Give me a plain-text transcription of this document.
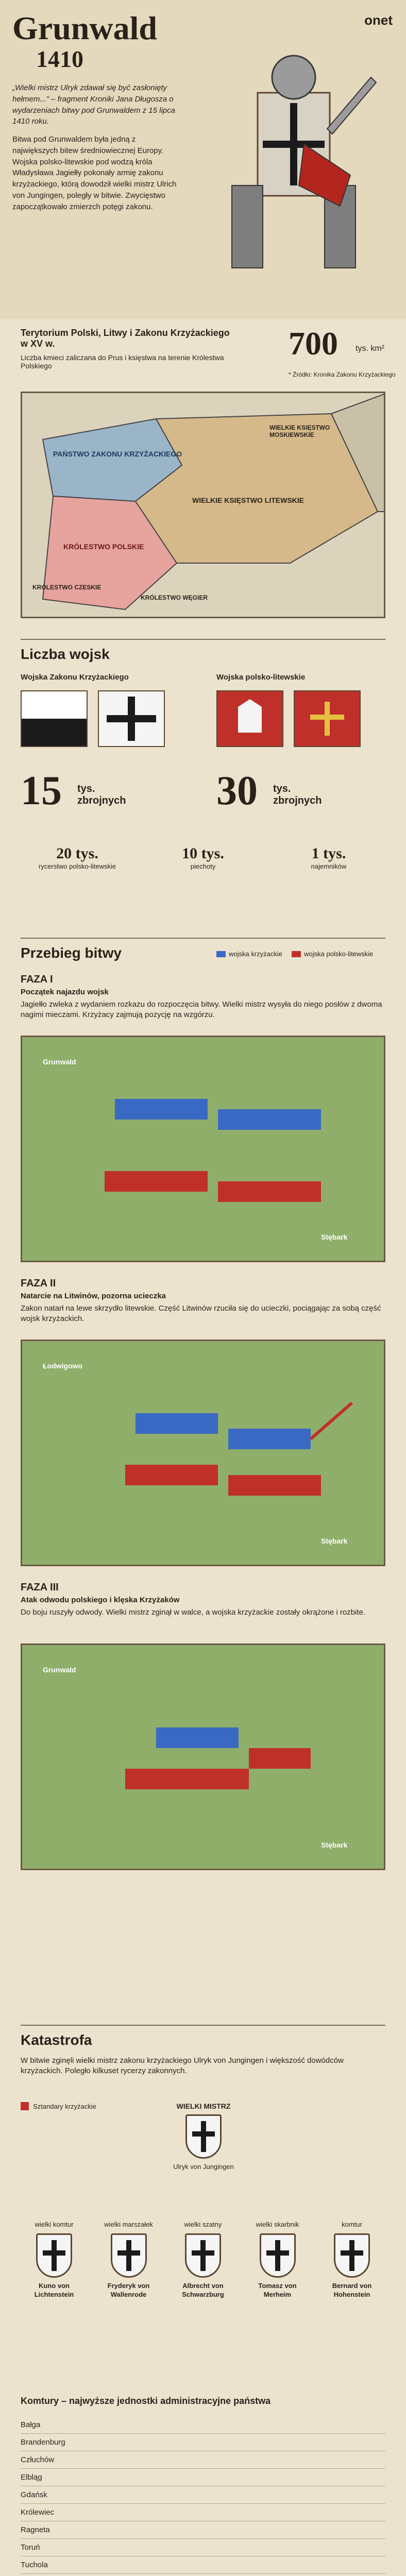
Grunwald
1410
onet
„Wielki mistrz Ulryk zdawał się być zasłonięty hełmem...” – fragment Kroniki Jana Długosza o wydarzeniach bitwy pod Grunwaldem z 15 lipca 1410 roku.
Bitwa pod Grunwaldem była jedną z największych bitew średniowiecznej Europy. Wojska polsko-litewskie pod wodzą króla Władysława Jagiełły pokonały armię zakonu krzyżackiego, którą dowodził wielki mistrz Ulrich von Jungingen, poległy w bitwie. Zwycięstwo zapoczątkowało zmierzch potęgi zakonu.
Terytorium Polski, Litwy i Zakonu Krzyżackiego w XV w.
Liczba kmieci zaliczana do Prus i księstwa na terenie Królestwa Polskiego
700 tys. km²
* Źródło: Kronika Zakonu Krzyżackiego
PAŃSTWO ZAKONU KRZYŻACKIEGO
KRÓLESTWO POLSKIE
WIELKIE KSIĘSTWO LITEWSKIE
WIELKIE KSIĘSTWO MOSKIEWSKIE
KRÓLESTWO CZESKIE
KRÓLESTWO WĘGIER
Liczba wojsk
Wojska Zakonu Krzyżackiego	Wojska polsko-litewskie
15 tys. zbrojnych	30 tys. zbrojnych
20 tys.
rycerstwo polsko-litewskie
10 tys.
piechoty
1 tys.
najemników
Przebieg bitwy	wojska krzyżackie	wojska polsko-litewskie
FAZA I
Początek najazdu wojsk
Jagiełło zwleka z wydaniem rozkazu do rozpoczęcia bitwy. Wielki mistrz wysyła do niego posłów z dwoma nagimi mieczami. Krzyżacy zajmują pozycję na wzgórzu.
Grunwald
Stębark
FAZA II
Natarcie na Litwinów, pozorna ucieczka
Zakon natarł na lewe skrzydło litewskie. Część Litwinów rzuciła się do ucieczki, pociągając za sobą część wojsk krzyżackich.
Łodwigowo
Stębark
FAZA III
Atak odwodu polskiego i klęska Krzyżaków
Do boju ruszyły odwody. Wielki mistrz zginął w walce, a wojska krzyżackie zostały okrążone i rozbite.
Grunwald
Stębark
Katastrofa
W bitwie zginęli wielki mistrz zakonu krzyżackiego Ulryk von Jungingen i większość dowódców krzyżackich. Poległo kilkuset rycerzy zakonnych.
Sztandary krzyżackie	WIELKI MISTRZ
Ulryk von Jungingen
wielki komtur
Kuno von Lichtenstein
wielki marszałek
Fryderyk von Wallenrode
wielki szatny
Albrecht von Schwarzburg
wielki skarbnik
Tomasz von Merheim
komtur
Bernard von Hohenstein
Komtury – najwyższe jednostki administracyjne państwa
Bałga
Brandenburg
Człuchów
Elbląg
Gdańsk
Królewiec
Ragneta
Toruń
Tuchola
